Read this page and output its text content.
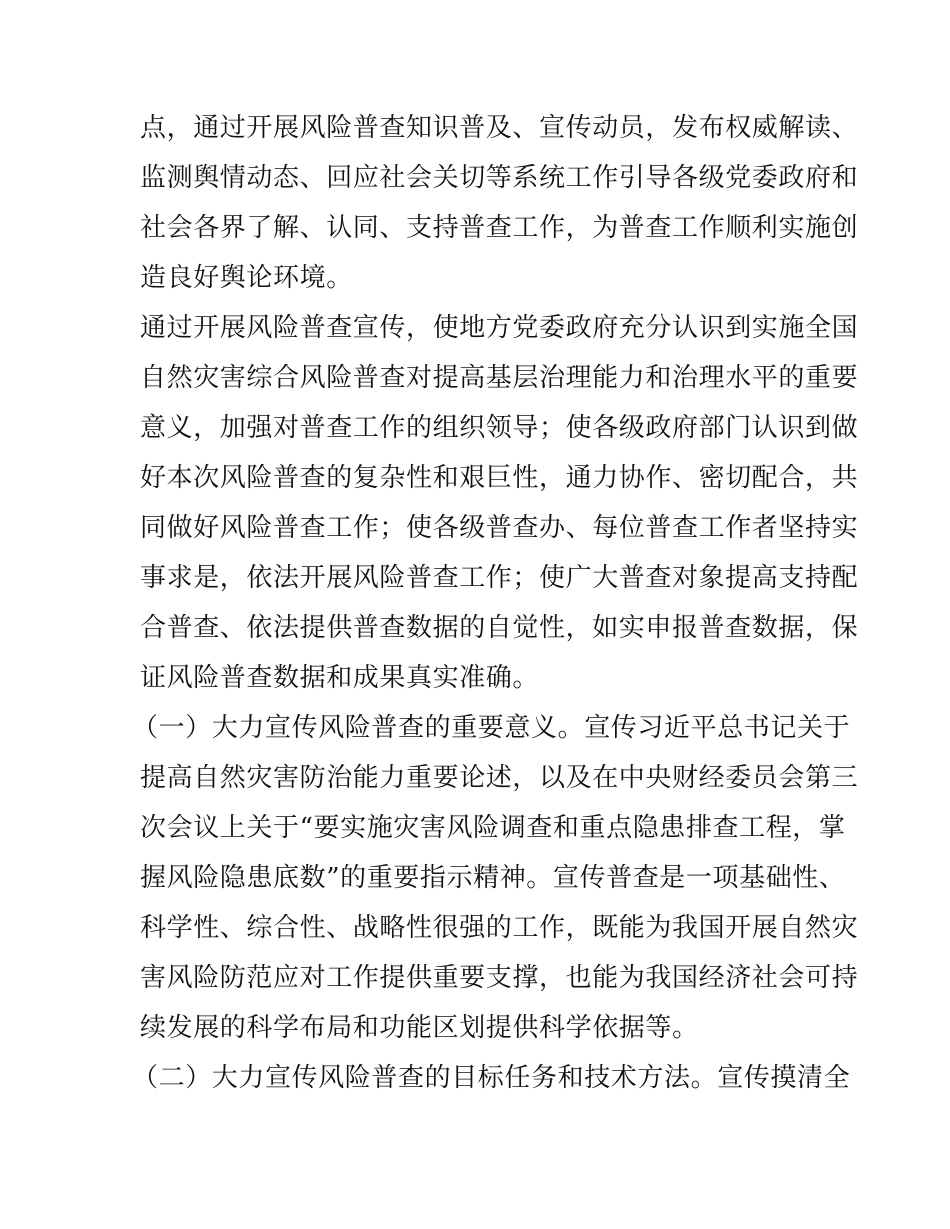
点，通过开展风险普查知识普及、宣传动员，发布权威解读、
监测舆情动态、回应社会关切等系统工作引导各级党委政府和
社会各界了解、认同、支持普查工作，为普查工作顺利实施创
造良好舆论环境。
通过开展风险普查宣传，使地方党委政府充分认识到实施全国
自然灾害综合风险普查对提高基层治理能力和治理水平的重要
意义，加强对普查工作的组织领导；使各级政府部门认识到做
好本次风险普查的复杂性和艰巨性，通力协作、密切配合，共
同做好风险普查工作；使各级普查办、每位普查工作者坚持实
事求是，依法开展风险普查工作；使广大普查对象提高支持配
合普查、依法提供普查数据的自觉性，如实申报普查数据，保
证风险普查数据和成果真实准确。
（一）大力宣传风险普查的重要意义。宣传习近平总书记关于
提高自然灾害防治能力重要论述，以及在中央财经委员会第三
次会议上关于“要实施灾害风险调查和重点隐患排查工程，掌
握风险隐患底数”的重要指示精神。宣传普查是一项基础性、
科学性、综合性、战略性很强的工作，既能为我国开展自然灾
害风险防范应对工作提供重要支撑，也能为我国经济社会可持
续发展的科学布局和功能区划提供科学依据等。
（二）大力宣传风险普查的目标任务和技术方法。宣传摸清全
